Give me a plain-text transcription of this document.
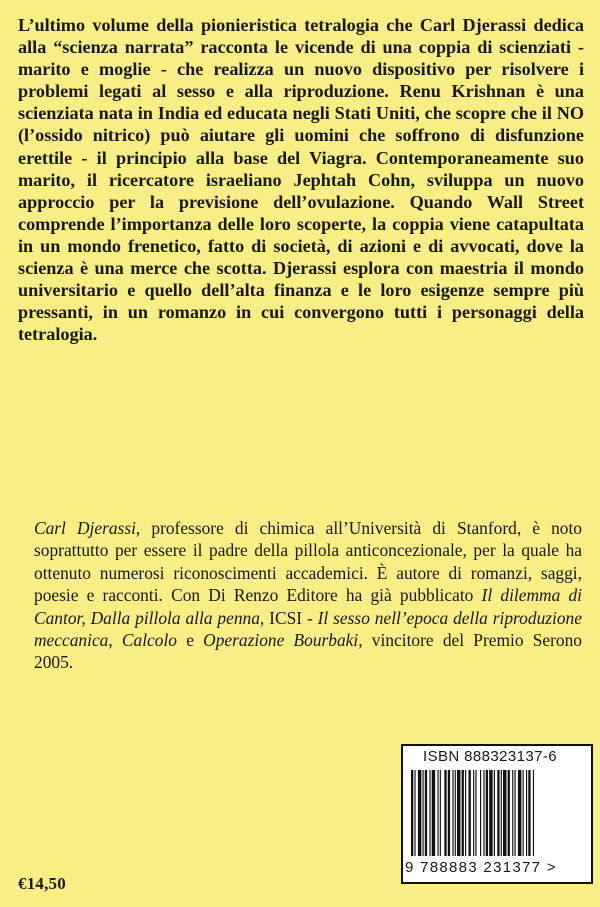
L’ultimo volume della pionieristica tetralogia che Carl Djerassi dedica alla “scienza narrata” racconta le vicende di una coppia di scienziati - marito e moglie - che realizza un nuovo dispositivo per risolvere i problemi legati al sesso e alla riproduzione. Renu Krishnan è una scienziata nata in India ed educata negli Stati Uniti, che scopre che il NO (l’ossido nitrico) può aiutare gli uomini che soffrono di disfunzione erettile - il principio alla base del Viagra. Contemporaneamente suo marito, il ricercatore israeliano Jephtah Cohn, sviluppa un nuovo approccio per la previsione dell’ovulazione. Quando Wall Street comprende l’importanza delle loro scoperte, la coppia viene catapultata in un mondo frenetico, fatto di società, di azioni e di avvocati, dove la scienza è una merce che scotta. Djerassi esplora con maestria il mondo universitario e quello dell’alta finanza e le loro esigenze sempre più pressanti, in un romanzo in cui convergono tutti i personaggi della tetralogia.

Carl Djerassi, professore di chimica all’Università di Stanford, è noto soprattutto per essere il padre della pillola anticoncezionale, per la quale ha ottenuto numerosi riconoscimenti accademici. È autore di romanzi, saggi, poesie e racconti. Con Di Renzo Editore ha già pubblicato Il dilemma di Cantor, Dalla pillola alla penna, ICSI - Il sesso nell’epoca della riproduzione meccanica, Calcolo e Operazione Bourbaki, vincitore del Premio Serono 2005.
€14,50
ISBN 888323137-6
9 788883 231377 >
